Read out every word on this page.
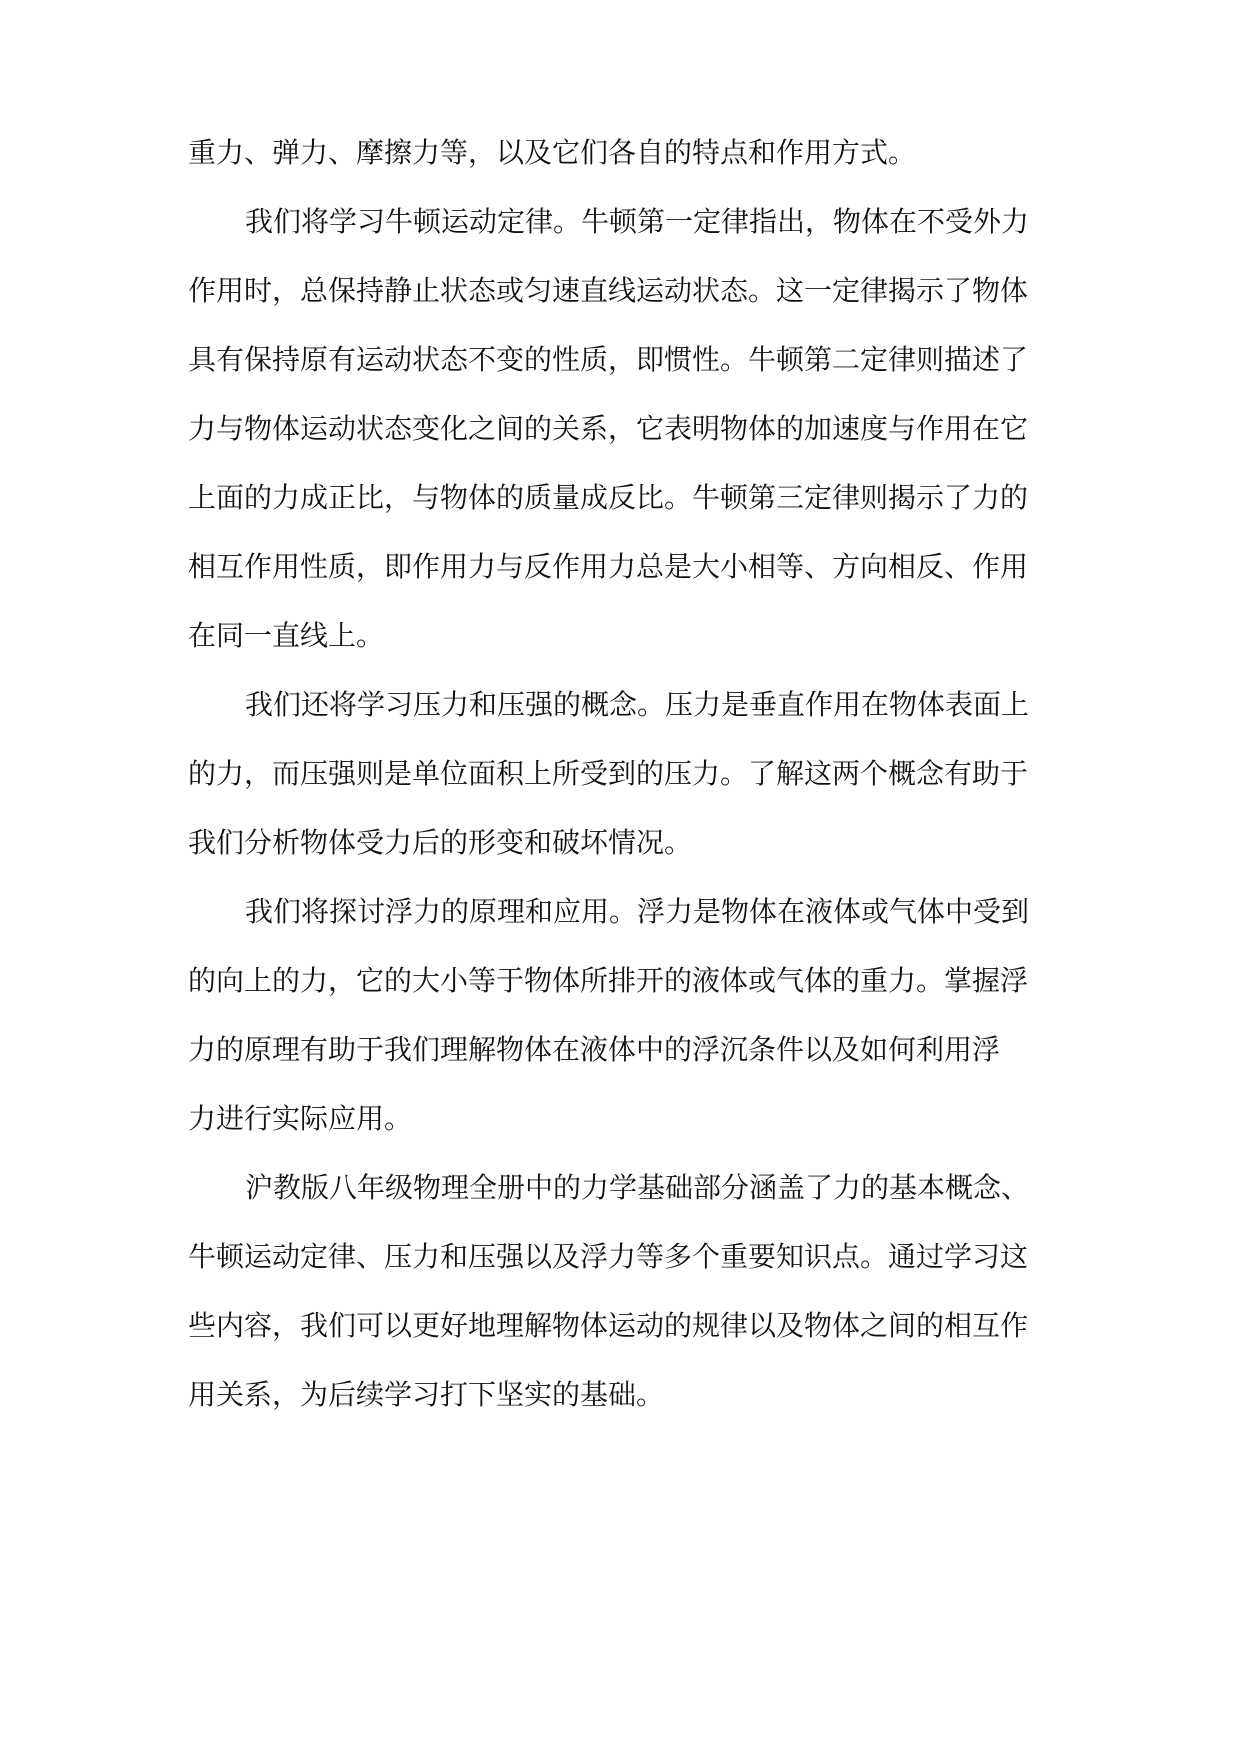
重力、弹力、摩擦力等，以及它们各自的特点和作用方式。
我们将学习牛顿运动定律。牛顿第一定律指出，物体在不受外力
作用时，总保持静止状态或匀速直线运动状态。这一定律揭示了物体
具有保持原有运动状态不变的性质，即惯性。牛顿第二定律则描述了
力与物体运动状态变化之间的关系，它表明物体的加速度与作用在它
上面的力成正比，与物体的质量成反比。牛顿第三定律则揭示了力的
相互作用性质，即作用力与反作用力总是大小相等、方向相反、作用
在同一直线上。
我们还将学习压力和压强的概念。压力是垂直作用在物体表面上
的力，而压强则是单位面积上所受到的压力。了解这两个概念有助于
我们分析物体受力后的形变和破坏情况。
我们将探讨浮力的原理和应用。浮力是物体在液体或气体中受到
的向上的力，它的大小等于物体所排开的液体或气体的重力。掌握浮
力的原理有助于我们理解物体在液体中的浮沉条件以及如何利用浮
力进行实际应用。
沪教版八年级物理全册中的力学基础部分涵盖了力的基本概念、
牛顿运动定律、压力和压强以及浮力等多个重要知识点。通过学习这
些内容，我们可以更好地理解物体运动的规律以及物体之间的相互作
用关系，为后续学习打下坚实的基础。
